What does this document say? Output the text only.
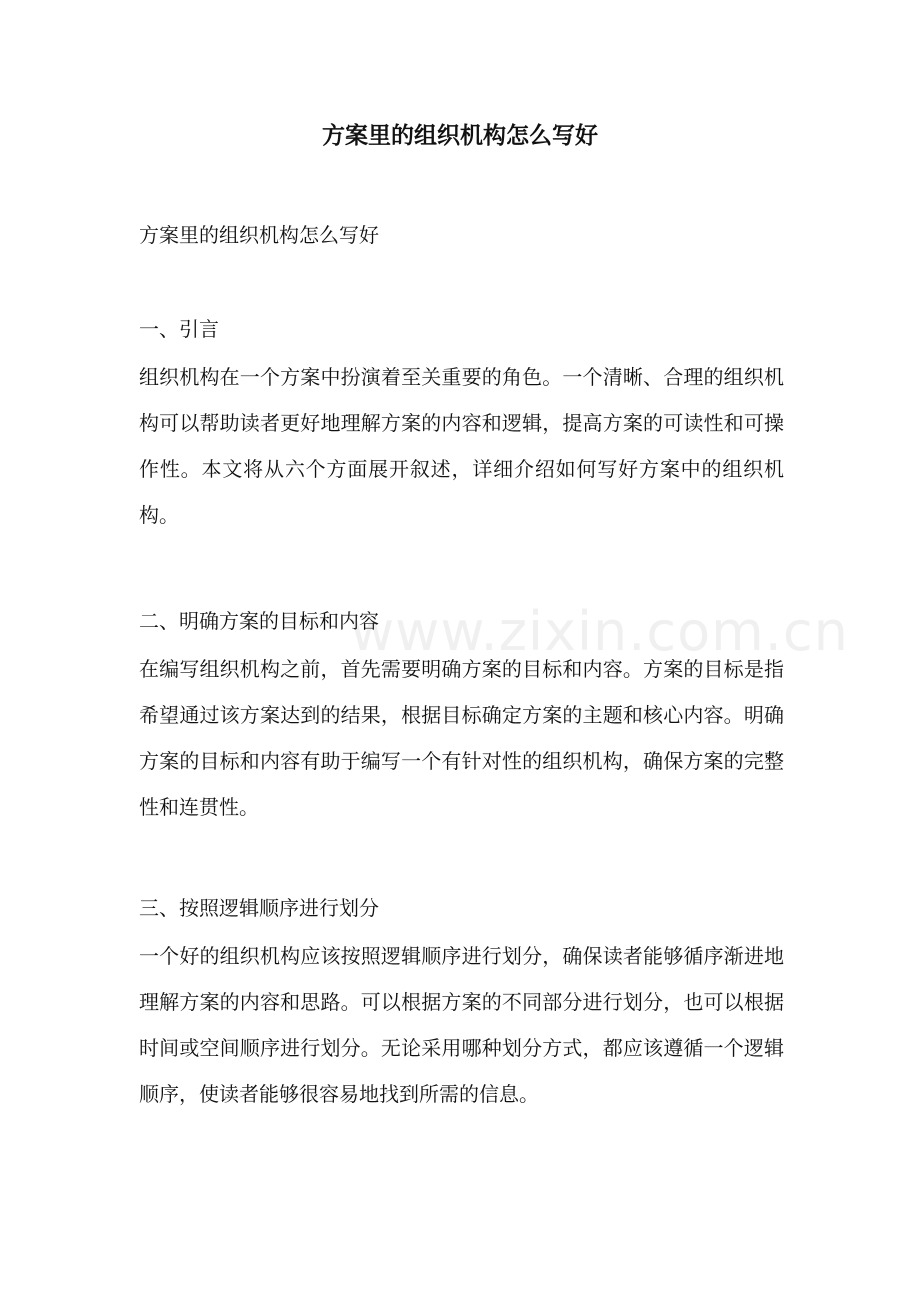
方案里的组织机构怎么写好

方案里的组织机构怎么写好

一、引言

组织机构在一个方案中扮演着至关重要的角色。一个清晰、合理的组织机构可以帮助读者更好地理解方案的内容和逻辑，提高方案的可读性和可操作性。本文将从六个方面展开叙述，详细介绍如何写好方案中的组织机构。

二、明确方案的目标和内容

在编写组织机构之前，首先需要明确方案的目标和内容。方案的目标是指希望通过该方案达到的结果，根据目标确定方案的主题和核心内容。明确方案的目标和内容有助于编写一个有针对性的组织机构，确保方案的完整性和连贯性。

三、按照逻辑顺序进行划分

一个好的组织机构应该按照逻辑顺序进行划分，确保读者能够循序渐进地理解方案的内容和思路。可以根据方案的不同部分进行划分，也可以根据时间或空间顺序进行划分。无论采用哪种划分方式，都应该遵循一个逻辑顺序，使读者能够很容易地找到所需的信息。

www.zixin.com.cn
